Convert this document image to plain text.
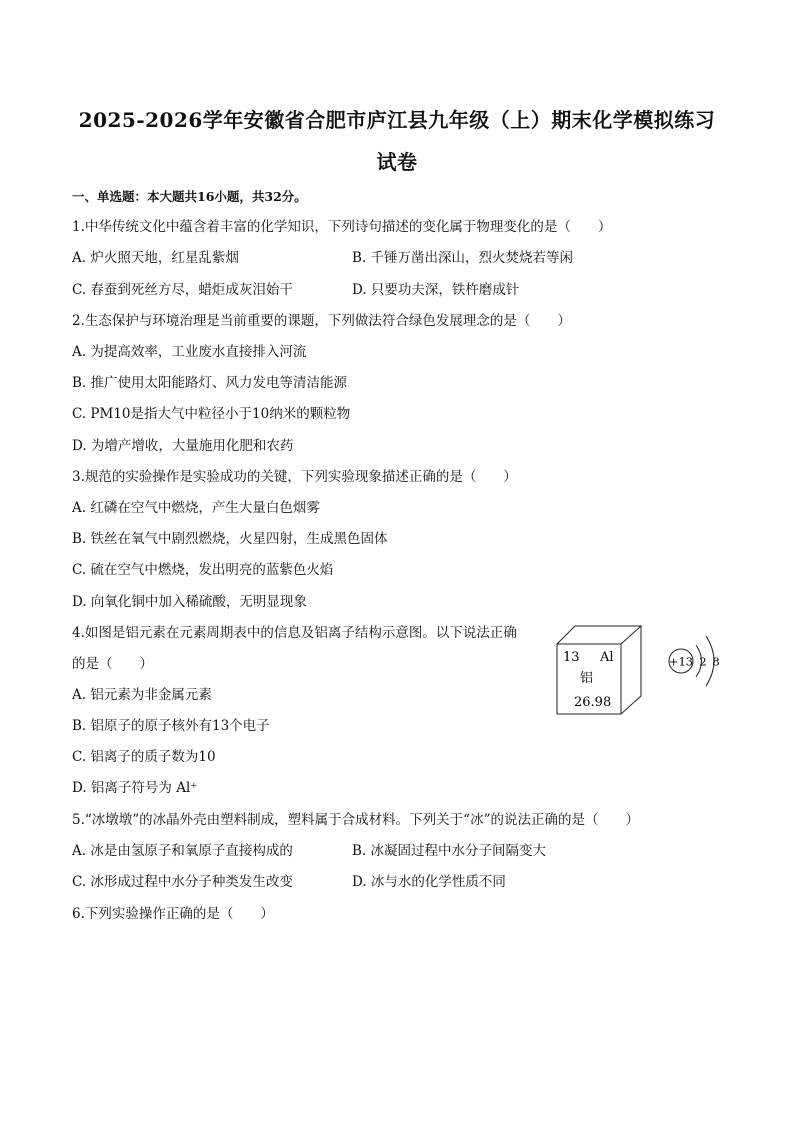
2025-2026学年安徽省合肥市庐江县九年级（上）期末化学模拟练习
试卷
一、单选题：本大题共16小题，共32分。
1.中华传统文化中蕴含着丰富的化学知识，下列诗句描述的变化属于物理变化的是（　　）
A. 炉火照天地，红星乱紫烟	B. 千锤万凿出深山，烈火焚烧若等闲
C. 春蚕到死丝方尽，蜡炬成灰泪始干	D. 只要功夫深，铁杵磨成针
2.生态保护与环境治理是当前重要的课题，下列做法符合绿色发展理念的是（　　）
A. 为提高效率，工业废水直接排入河流
B. 推广使用太阳能路灯、风力发电等清洁能源
C. PM10是指大气中粒径小于10纳米的颗粒物
D. 为增产增收，大量施用化肥和农药
3.规范的实验操作是实验成功的关键，下列实验现象描述正确的是（　　）
A. 红磷在空气中燃烧，产生大量白色烟雾
B. 铁丝在氧气中剧烈燃烧，火星四射，生成黑色固体
C. 硫在空气中燃烧，发出明亮的蓝紫色火焰
D. 向氧化铜中加入稀硫酸，无明显现象
4.如图是铝元素在元素周期表中的信息及铝离子结构示意图。以下说法正确
的是（　　）
A. 铝元素为非金属元素
B. 铝原子的原子核外有13个电子
C. 铝离子的质子数为10
D. 铝离子符号为 Al⁺
13 Al
铝
26.98
+13 2 8
5.“冰墩墩”的冰晶外壳由塑料制成，塑料属于合成材料。下列关于“冰”的说法正确的是（　　）
A. 冰是由氢原子和氧原子直接构成的	B. 冰凝固过程中水分子间隔变大
C. 冰形成过程中水分子种类发生改变	D. 冰与水的化学性质不同
6.下列实验操作正确的是（　　）
